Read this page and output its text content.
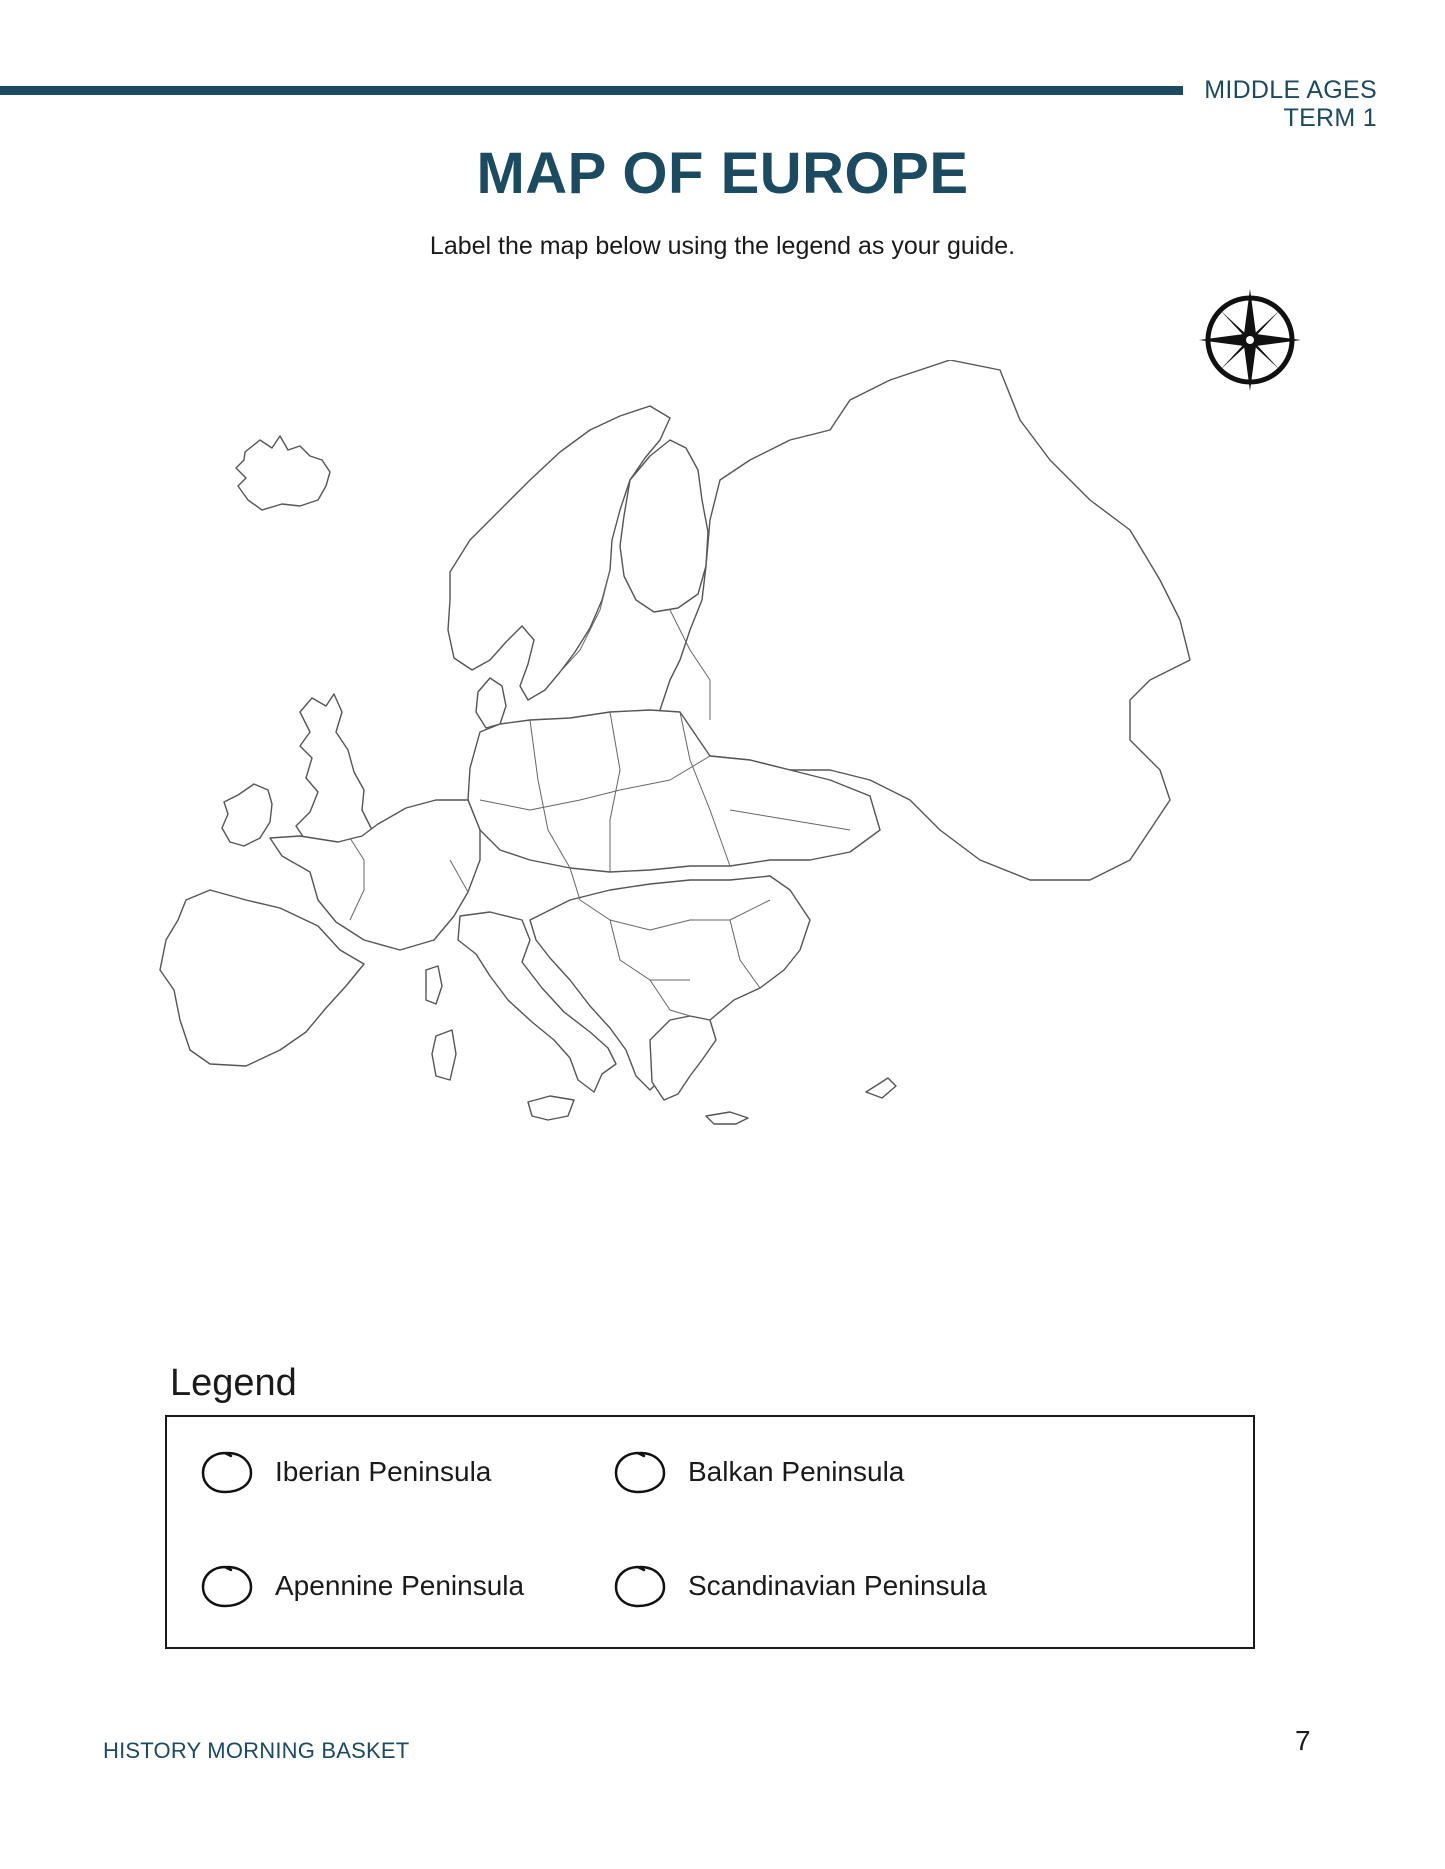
MIDDLE AGES
TERM 1
MAP OF EUROPE
Label the map below using the legend as your guide.
Legend
Iberian Peninsula	Balkan Peninsula
Apennine Peninsula	Scandinavian Peninsula
HISTORY MORNING BASKET	7
